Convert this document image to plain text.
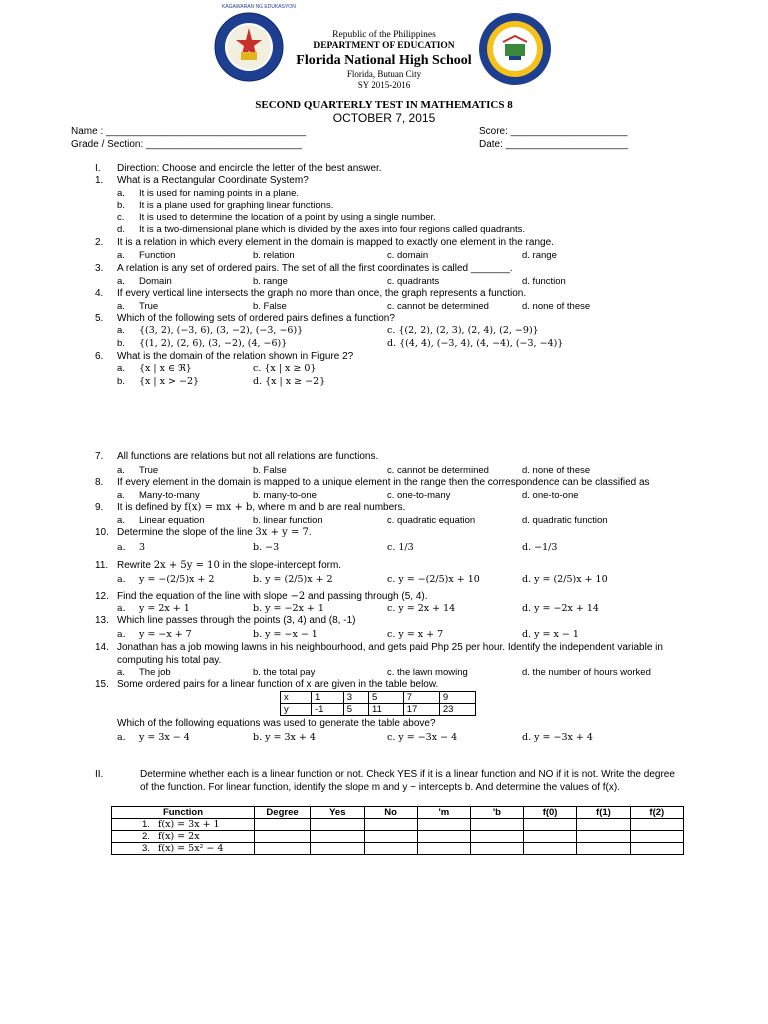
KAGAWARAN NG EDUKASYON
Republic of the Philippines
DEPARTMENT OF EDUCATION
Florida National High School
Florida, Butuan City
SY 2015-2016
SECOND QUARTERLY TEST IN MATHEMATICS 8
OCTOBER 7, 2015
Name : ____________________________________
Grade / Section: ____________________________
Score: _____________________
Date: ______________________
I. Direction: Choose and encircle the letter of the best answer.
1. What is a Rectangular Coordinate System?
a. It is used for naming points in a plane.
b. It is a plane used for graphing linear functions.
c. It is used to determine the location of a point by using a single number.
d. It is a two-dimensional plane which is divided by the axes into four regions called quadrants.
2. It is a relation in which every element in the domain is mapped to exactly one element in the range.
a. Function	b. relation	c. domain	d. range
3. A relation is any set of ordered pairs. The set of all the first coordinates is called _______.
a. Domain	b. range	c. quadrants	d. function
4. If every vertical line intersects the graph no more than once, the graph represents a function.
a. True	b. False	c. cannot be determined	d. none of these
5. Which of the following sets of ordered pairs defines a function?
a. {(3, 2), (−3, 6), (3, −2), (−3, −6)}	c. {(2, 2), (2, 3), (2, 4), (2, −9)}
b. {(1, 2), (2, 6), (3, −2), (4, −6)}	d. {(4, 4), (−3, 4), (4, −4), (−3, −4)}
6. What is the domain of the relation shown in Figure 2?
a. {x | x ∈ ℜ}	c. {x | x ≥ 0}
b. {x | x > −2}	d. {x | x ≥ −2}
7. All functions are relations but not all relations are functions.
a. True	b. False	c. cannot be determined	d. none of these
8. If every element in the domain is mapped to a unique element in the range then the correspondence can be classified as
a. Many-to-many	b. many-to-one	c. one-to-many	d. one-to-one
9. It is defined by f(x) = mx + b, where m and b are real numbers.
a. Linear equation	b. linear function	c. quadratic equation	d. quadratic function
10. Determine the slope of the line 3x + y = 7.
a. 3	b. −3	c. 1/3	d. −1/3
11. Rewrite 2x + 5y = 10 in the slope-intercept form.
a. y = −(2/5)x + 2	b. y = (2/5)x + 2	c. y = −(2/5)x + 10	d. y = (2/5)x + 10
12. Find the equation of the line with slope −2 and passing through (5, 4).
a. y = 2x + 1	b. y = −2x + 1	c. y = 2x + 14	d. y = −2x + 14
13. Which line passes through the points (3, 4) and (8, -1)
a. y = −x + 7	b. y = −x − 1	c. y = x + 7	d. y = x − 1
14. Jonathan has a job mowing lawns in his neighbourhood, and gets paid Php 25 per hour. Identify the independent variable in
computing his total pay.
a. The job	b. the total pay	c. the lawn mowing	d. the number of hours worked
15. Some ordered pairs for a linear function of x are given in the table below.
x	1	3	5	7	9
y	-1	5	11	17	23
Which of the following equations was used to generate the table above?
a. y = 3x − 4	b. y = 3x + 4	c. y = −3x − 4	d. y = −3x + 4
II.	Determine whether each is a linear function or not. Check YES if it is a linear function and NO if it is not. Write the degree
of the function. For linear function, identify the slope m and y − intercepts b. And determine the values of f(x).
Function	Degree	Yes	No	'm	'b	f(0)	f(1)	f(2)
1. f(x) = 3x + 1								
2. f(x) = 2x								
3. f(x) = 5x² − 4								
